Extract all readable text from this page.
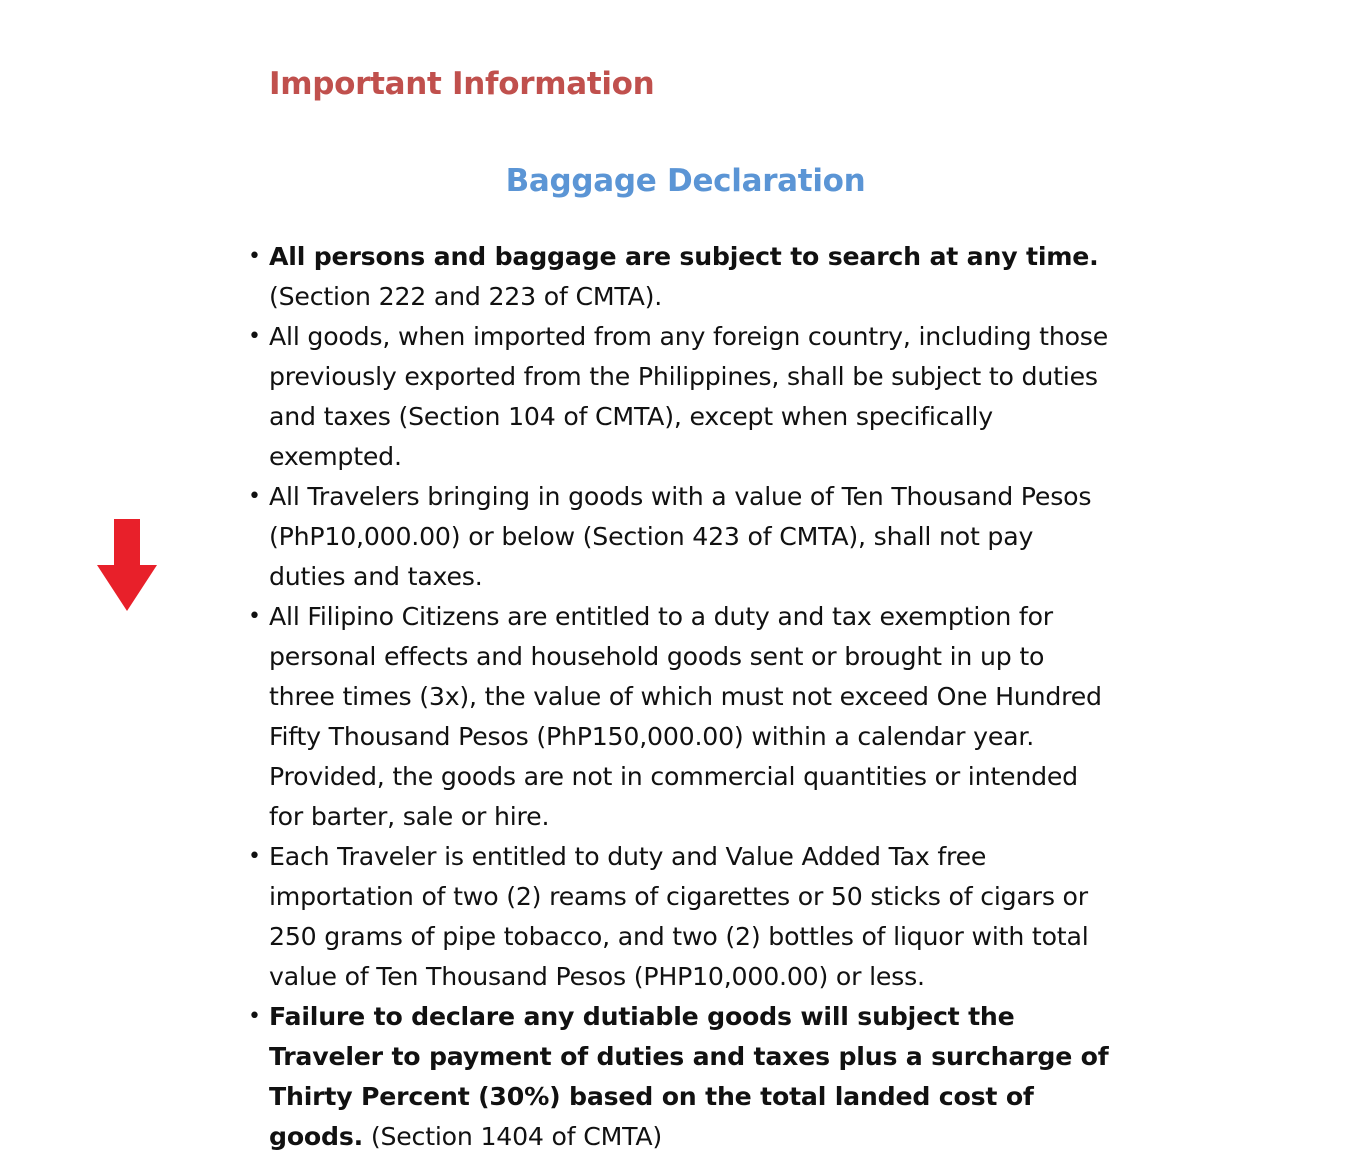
Important Information
Baggage Declaration
• All persons and baggage are subject to search at any time. (Section 222 and 223 of CMTA).
• All goods, when imported from any foreign country, including those previously exported from the Philippines, shall be subject to duties and taxes (Section 104 of CMTA), except when specifically exempted.
• All Travelers bringing in goods with a value of Ten Thousand Pesos (PhP10,000.00) or below (Section 423 of CMTA), shall not pay duties and taxes.
• All Filipino Citizens are entitled to a duty and tax exemption for personal effects and household goods sent or brought in up to three times (3x), the value of which must not exceed One Hundred Fifty Thousand Pesos (PhP150,000.00) within a calendar year. Provided, the goods are not in commercial quantities or intended for barter, sale or hire.
• Each Traveler is entitled to duty and Value Added Tax free importation of two (2) reams of cigarettes or 50 sticks of cigars or 250 grams of pipe tobacco, and two (2) bottles of liquor with total value of Ten Thousand Pesos (PHP10,000.00) or less.
• Failure to declare any dutiable goods will subject the Traveler to payment of duties and taxes plus a surcharge of Thirty Percent (30%) based on the total landed cost of goods. (Section 1404 of CMTA)
